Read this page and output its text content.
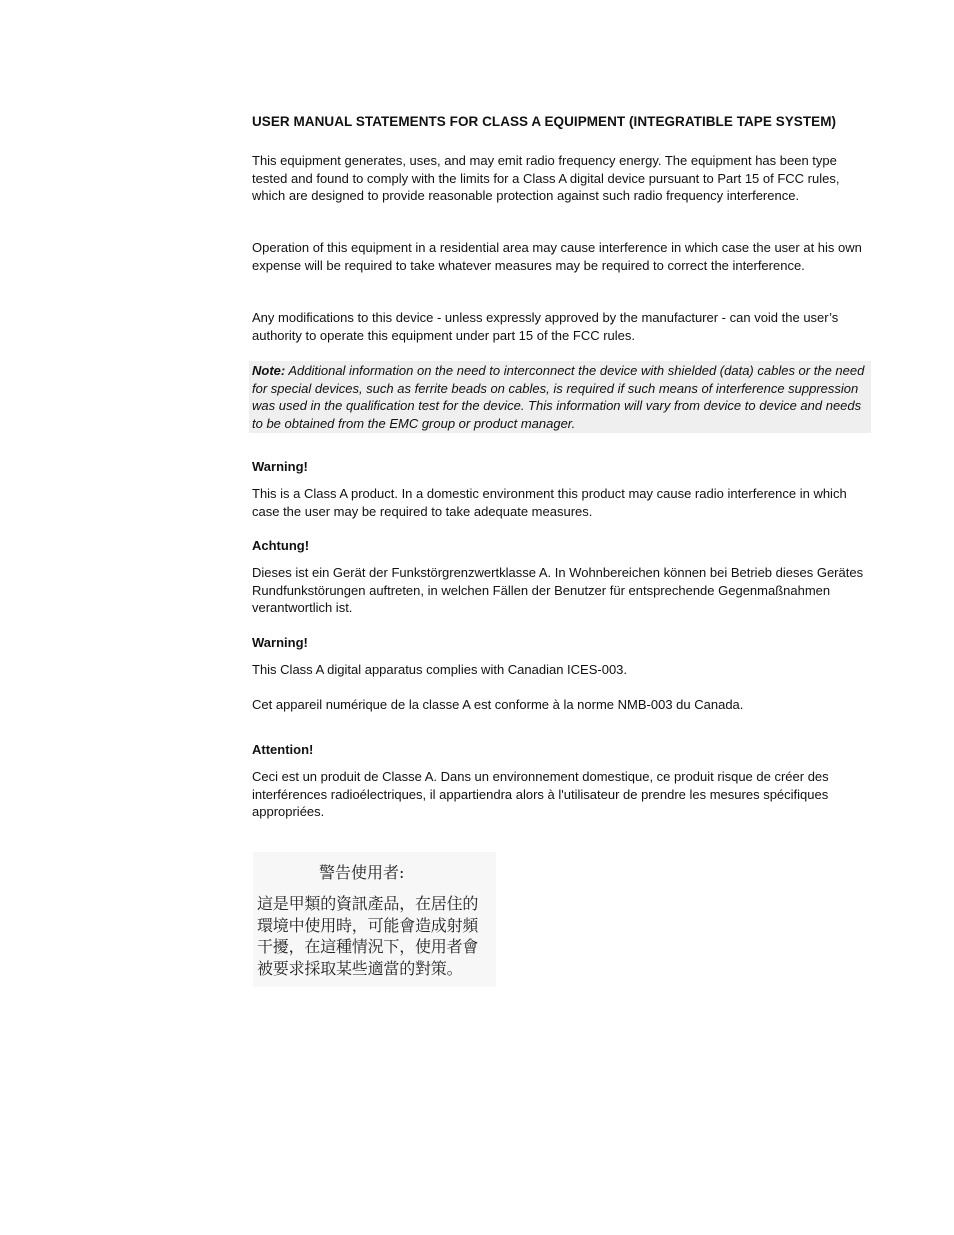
USER MANUAL STATEMENTS FOR CLASS A EQUIPMENT (INTEGRATIBLE TAPE SYSTEM)
This equipment generates, uses, and may emit radio frequency energy. The equipment has been type tested and found to comply with the limits for a Class A digital device pursuant to Part 15 of FCC rules, which are designed to provide reasonable protection against such radio frequency interference.
Operation of this equipment in a residential area may cause interference in which case the user at his own expense will be required to take whatever measures may be required to correct the interference.
Any modifications to this device - unless expressly approved by the manufacturer - can void the user’s authority to operate this equipment under part 15 of the FCC rules.
Note: Additional information on the need to interconnect the device with shielded (data) cables or the need for special devices, such as ferrite beads on cables, is required if such means of interference suppression was used in the qualification test for the device. This information will vary from device to device and needs to be obtained from the EMC group or product manager.
Warning!
This is a Class A product. In a domestic environment this product may cause radio interference in which case the user may be required to take adequate measures.
Achtung!
Dieses ist ein Gerät der Funkstörgrenzwertklasse A. In Wohnbereichen können bei Betrieb dieses Gerätes Rundfunkstörungen auftreten, in welchen Fällen der Benutzer für entsprechende Gegenmaßnahmen verantwortlich ist.
Warning!
This Class A digital apparatus complies with Canadian ICES-003.
Cet appareil numérique de la classe A est conforme à la norme NMB-003 du Canada.
Attention!
Ceci est un produit de Classe A. Dans un environnement domestique, ce produit risque de créer des interférences radioélectriques, il appartiendra alors à l'utilisateur de prendre les mesures spécifiques appropriées.
警告使用者:
這是甲類的資訊產品，在居住的環境中使用時，可能會造成射頻干擾，在這種情況下，使用者會被要求採取某些適當的對策。
